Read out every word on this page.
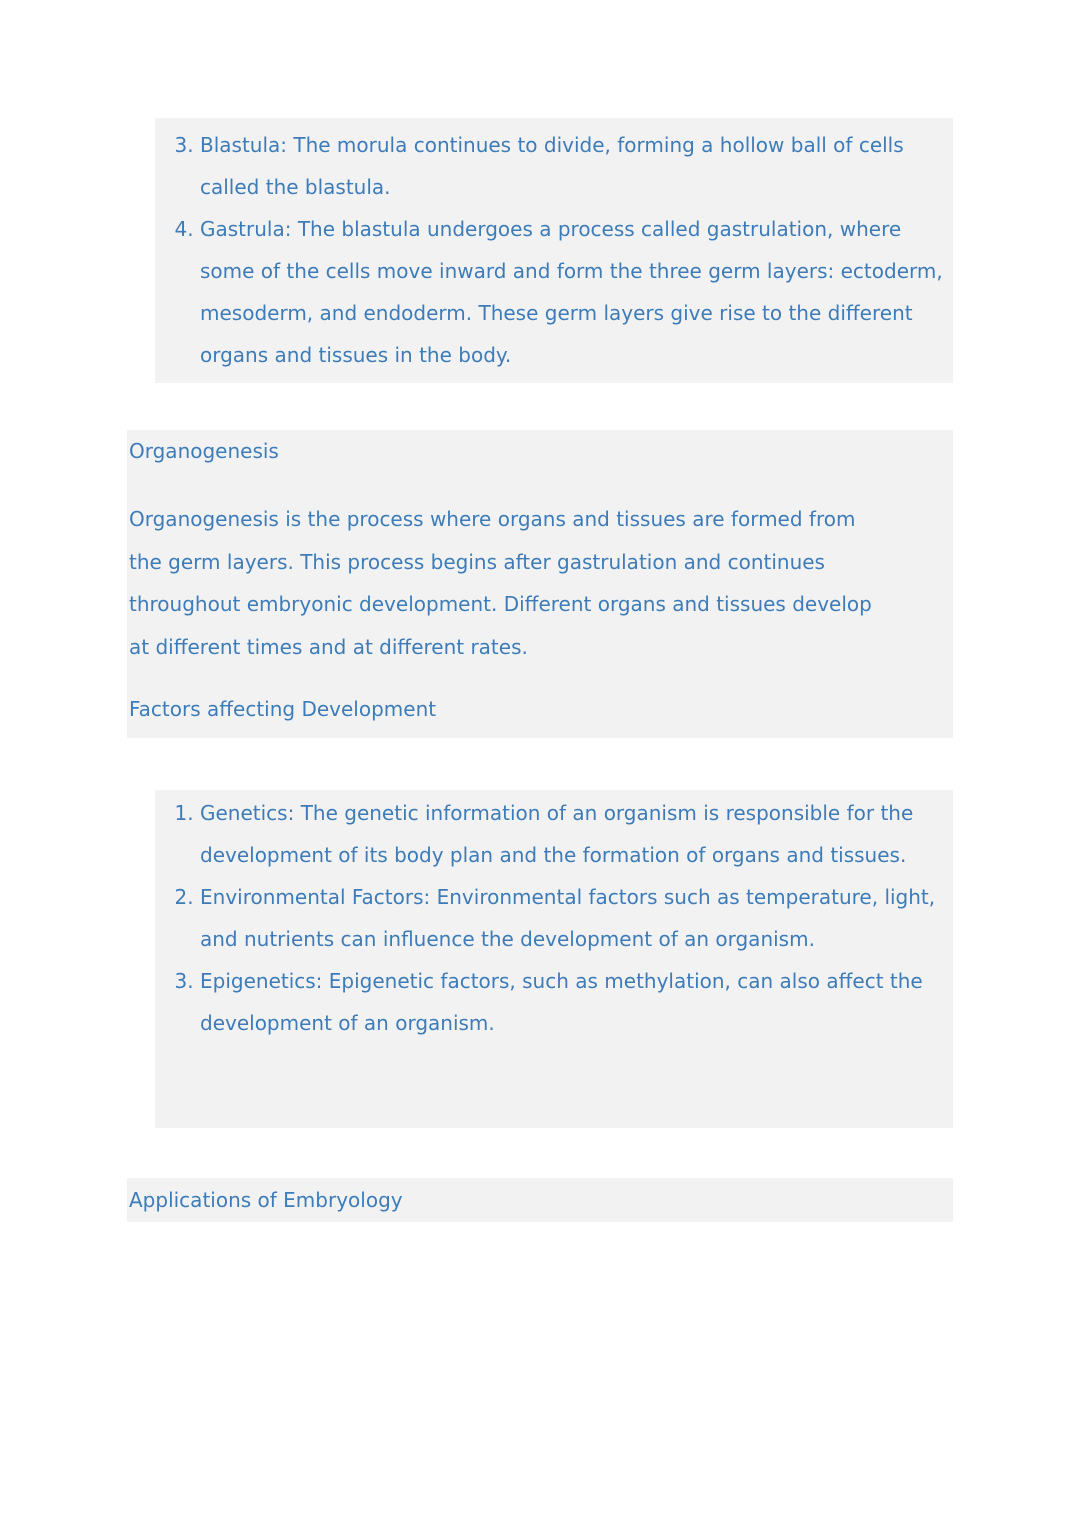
3. Blastula: The morula continues to divide, forming a hollow ball of cells called the blastula.
4. Gastrula: The blastula undergoes a process called gastrulation, where some of the cells move inward and form the three germ layers: ectoderm, mesoderm, and endoderm. These germ layers give rise to the different organs and tissues in the body.
Organogenesis

Organogenesis is the process where organs and tissues are formed from the germ layers. This process begins after gastrulation and continues throughout embryonic development. Different organs and tissues develop at different times and at different rates.

Factors affecting Development
1. Genetics: The genetic information of an organism is responsible for the development of its body plan and the formation of organs and tissues.
2. Environmental Factors: Environmental factors such as temperature, light, and nutrients can influence the development of an organism.
3. Epigenetics: Epigenetic factors, such as methylation, can also affect the development of an organism.
Applications of Embryology
